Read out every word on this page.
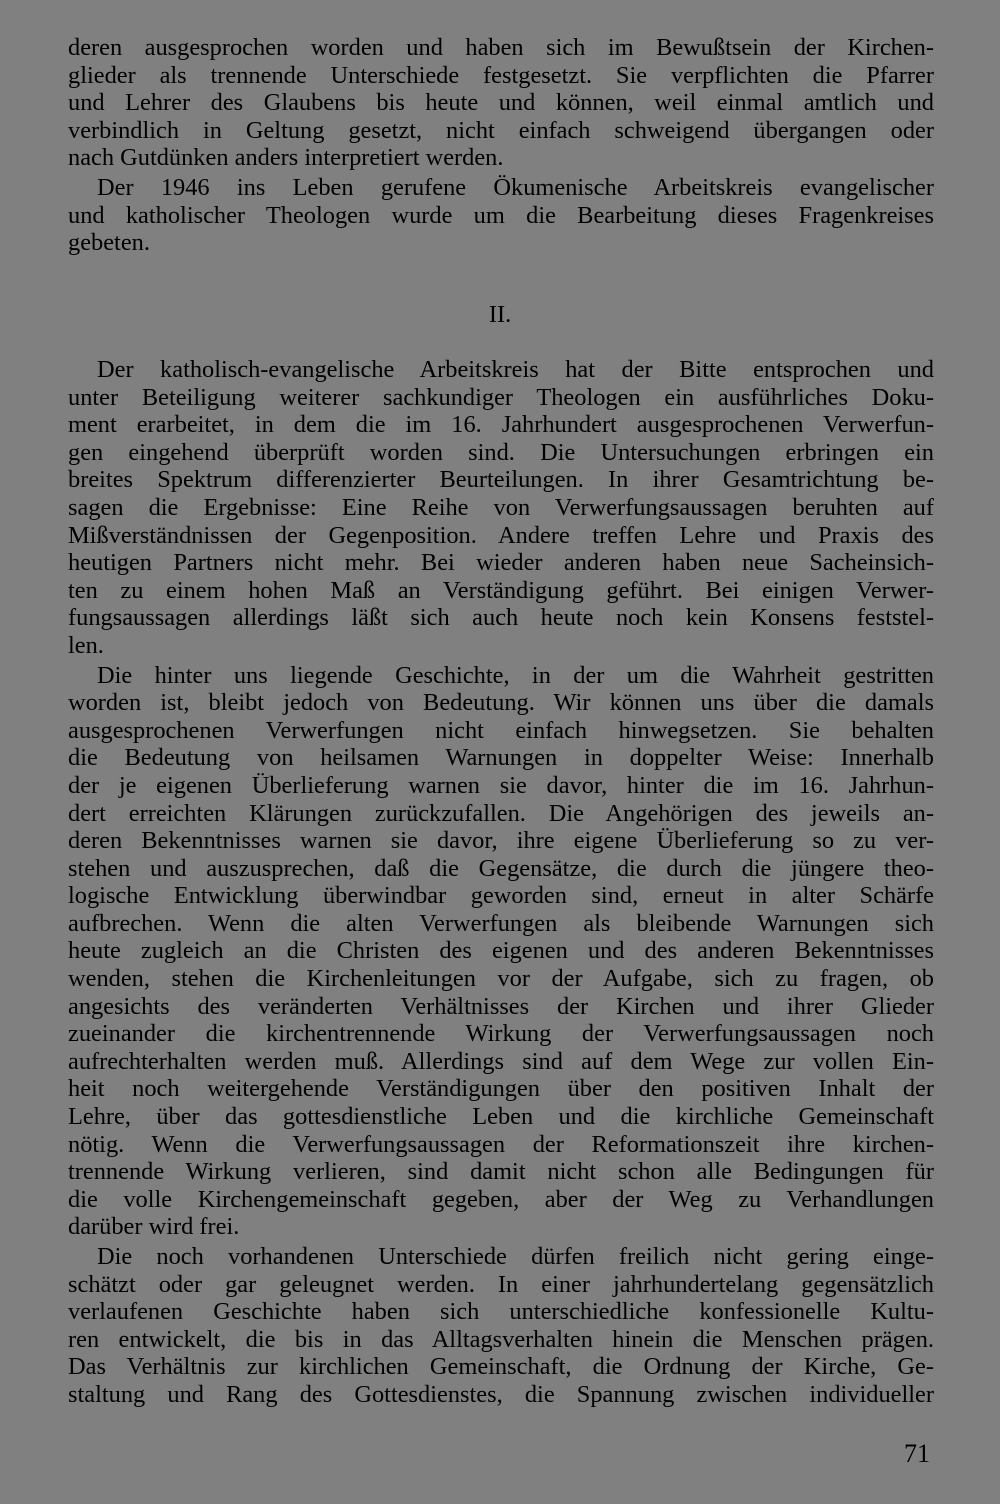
deren ausgesprochen worden und haben sich im Bewußtsein der Kirchen-
glieder als trennende Unterschiede festgesetzt. Sie verpflichten die Pfarrer
und Lehrer des Glaubens bis heute und können, weil einmal amtlich und
verbindlich in Geltung gesetzt, nicht einfach schweigend übergangen oder
nach Gutdünken anders interpretiert werden.
Der 1946 ins Leben gerufene Ökumenische Arbeitskreis evangelischer
und katholischer Theologen wurde um die Bearbeitung dieses Fragenkreises
gebeten.
II.
Der katholisch-evangelische Arbeitskreis hat der Bitte entsprochen und
unter Beteiligung weiterer sachkundiger Theologen ein ausführliches Doku-
ment erarbeitet, in dem die im 16. Jahrhundert ausgesprochenen Verwerfun-
gen eingehend überprüft worden sind. Die Untersuchungen erbringen ein
breites Spektrum differenzierter Beurteilungen. In ihrer Gesamtrichtung be-
sagen die Ergebnisse: Eine Reihe von Verwerfungsaussagen beruhten auf
Mißverständnissen der Gegenposition. Andere treffen Lehre und Praxis des
heutigen Partners nicht mehr. Bei wieder anderen haben neue Sacheinsich-
ten zu einem hohen Maß an Verständigung geführt. Bei einigen Verwer-
fungsaussagen allerdings läßt sich auch heute noch kein Konsens feststel-
len.
Die hinter uns liegende Geschichte, in der um die Wahrheit gestritten
worden ist, bleibt jedoch von Bedeutung. Wir können uns über die damals
ausgesprochenen Verwerfungen nicht einfach hinwegsetzen. Sie behalten
die Bedeutung von heilsamen Warnungen in doppelter Weise: Innerhalb
der je eigenen Überlieferung warnen sie davor, hinter die im 16. Jahrhun-
dert erreichten Klärungen zurückzufallen. Die Angehörigen des jeweils an-
deren Bekenntnisses warnen sie davor, ihre eigene Überlieferung so zu ver-
stehen und auszusprechen, daß die Gegensätze, die durch die jüngere theo-
logische Entwicklung überwindbar geworden sind, erneut in alter Schärfe
aufbrechen. Wenn die alten Verwerfungen als bleibende Warnungen sich
heute zugleich an die Christen des eigenen und des anderen Bekenntnisses
wenden, stehen die Kirchenleitungen vor der Aufgabe, sich zu fragen, ob
angesichts des veränderten Verhältnisses der Kirchen und ihrer Glieder
zueinander die kirchentrennende Wirkung der Verwerfungsaussagen noch
aufrechterhalten werden muß. Allerdings sind auf dem Wege zur vollen Ein-
heit noch weitergehende Verständigungen über den positiven Inhalt der
Lehre, über das gottesdienstliche Leben und die kirchliche Gemeinschaft
nötig. Wenn die Verwerfungsaussagen der Reformationszeit ihre kirchen-
trennende Wirkung verlieren, sind damit nicht schon alle Bedingungen für
die volle Kirchengemeinschaft gegeben, aber der Weg zu Verhandlungen
darüber wird frei.
Die noch vorhandenen Unterschiede dürfen freilich nicht gering einge-
schätzt oder gar geleugnet werden. In einer jahrhundertelang gegensätzlich
verlaufenen Geschichte haben sich unterschiedliche konfessionelle Kultu-
ren entwickelt, die bis in das Alltagsverhalten hinein die Menschen prägen.
Das Verhältnis zur kirchlichen Gemeinschaft, die Ordnung der Kirche, Ge-
staltung und Rang des Gottesdienstes, die Spannung zwischen individueller
71
